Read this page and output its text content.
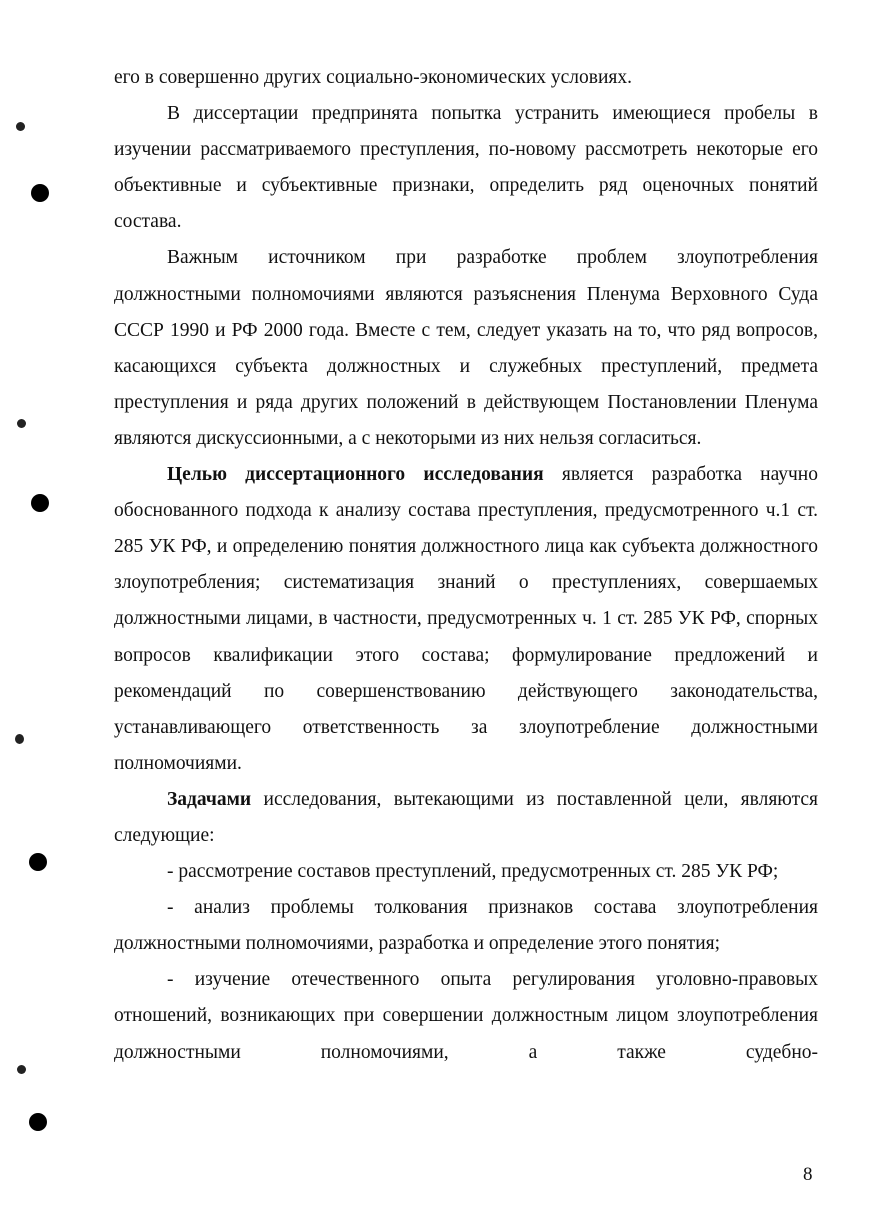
его в совершенно других социально-экономических условиях.

В диссертации предпринята попытка устранить имеющиеся пробелы в изучении рассматриваемого преступления, по-новому рассмотреть некоторые его объективные и субъективные признаки, определить ряд оценочных понятий состава.

Важным источником при разработке проблем злоупотребления должностными полномочиями являются разъяснения Пленума Верховного Суда СССР 1990 и РФ 2000 года. Вместе с тем, следует указать на то, что ряд вопросов, касающихся субъекта должностных и служебных преступлений, предмета преступления и ряда других положений в действующем Постановлении Пленума являются дискуссионными, а с некоторыми из них нельзя согласиться.

Целью диссертационного исследования является разработка научно обоснованного подхода к анализу состава преступления, предусмотренного ч.1 ст. 285 УК РФ, и определению понятия должностного лица как субъекта должностного злоупотребления; систематизация знаний о преступлениях, совершаемых должностными лицами, в частности, предусмотренных ч. 1 ст. 285 УК РФ, спорных вопросов квалификации этого состава; формулирование предложений и рекомендаций по совершенствованию действующего законодательства, устанавливающего ответственность за злоупотребление должностными полномочиями.

Задачами исследования, вытекающими из поставленной цели, являются следующие:

- рассмотрение составов преступлений, предусмотренных ст. 285 УК РФ;

- анализ проблемы толкования признаков состава злоупотребления должностными полномочиями, разработка и определение этого понятия;

- изучение отечественного опыта регулирования уголовно-правовых отношений, возникающих при совершении должностным лицом злоупотребления должностными полномочиями, а также судебно-

8
